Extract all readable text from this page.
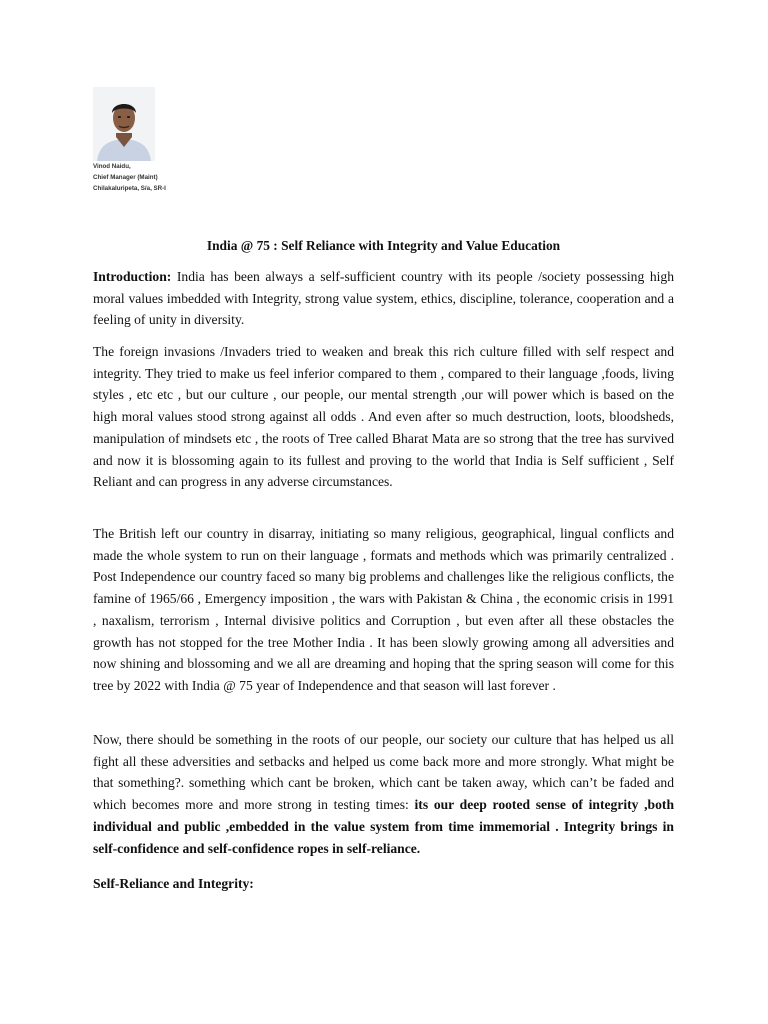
Vinod Naidu,
Chief Manager (Maint)
Chilakaluripeta, S/a, SR-I
India @ 75 : Self Reliance with Integrity and Value Education

Introduction: India has been always a self-sufficient country with its people /society possessing high moral values imbedded with Integrity, strong value system, ethics, discipline, tolerance, cooperation and a feeling of unity in diversity.

The foreign invasions /Invaders tried to weaken and break this rich culture filled with self respect and integrity. They tried to make us feel inferior compared to them , compared to their language ,foods, living styles , etc etc , but our culture , our people, our mental strength ,our will power which is based on the high moral values stood strong against all odds . And even after so much destruction, loots, bloodsheds, manipulation of mindsets etc , the roots of Tree called Bharat Mata are so strong that the tree has survived and now it is blossoming again to its fullest and proving to the world that India is Self sufficient , Self Reliant and can progress in any adverse circumstances.

The British left our country in disarray, initiating so many religious, geographical, lingual conflicts and made the whole system to run on their language , formats and methods which was primarily centralized . Post Independence our country faced so many big problems and challenges like the religious conflicts, the famine of 1965/66 , Emergency imposition , the wars with Pakistan & China , the economic crisis in 1991 , naxalism, terrorism , Internal divisive politics and Corruption , but even after all these obstacles the growth has not stopped for the tree Mother India . It has been slowly growing among all adversities and now shining and blossoming and we all are dreaming and hoping that the spring season will come for this tree by 2022 with India @ 75 year of Independence and that season will last forever .

Now, there should be something in the roots of our people, our society our culture that has helped us all fight all these adversities and setbacks and helped us come back more and more strongly. What might be that something?. something which cant be broken, which cant be taken away, which can’t be faded and which becomes more and more strong in testing times: its our deep rooted sense of integrity ,both individual and public ,embedded in the value system from time immemorial . Integrity brings in self-confidence and self-confidence ropes in self-reliance.

Self-Reliance and Integrity:
